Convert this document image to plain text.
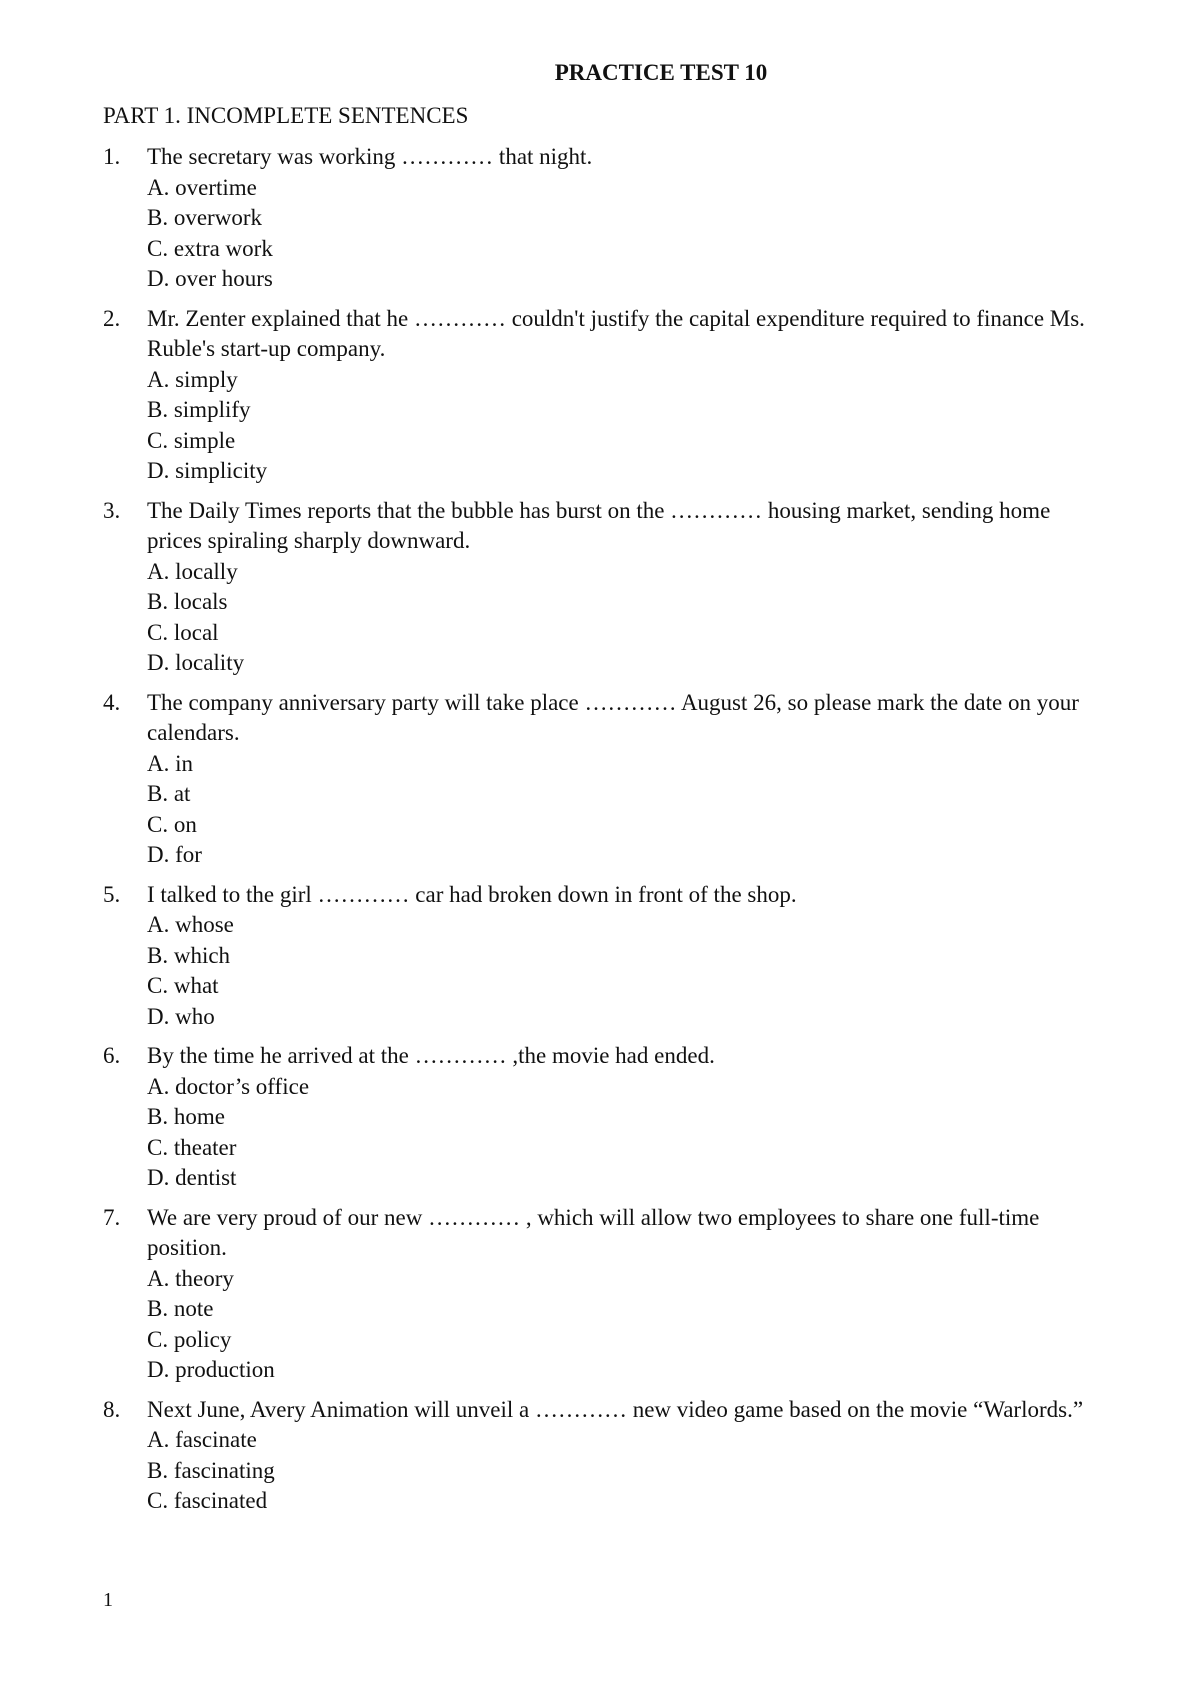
PRACTICE TEST 10
PART 1. INCOMPLETE SENTENCES
1.	The secretary was working ………… that night.
A. overtime
B. overwork
C. extra work
D. over hours
2.	Mr. Zenter explained that he ………… couldn't justify the capital expenditure required to finance Ms. Ruble's start-up company.
A. simply
B. simplify
C. simple
D. simplicity
3.	The Daily Times reports that the bubble has burst on the ………… housing market, sending home prices spiraling sharply downward.
A. locally
B. locals
C. local
D. locality
4.	The company anniversary party will take place ………… August 26, so please mark the date on your calendars.
A. in
B. at
C. on
D. for
5.	I talked to the girl ………… car had broken down in front of the shop.
A. whose
B. which
C. what
D. who
6.	By the time he arrived at the ………… ,the movie had ended.
A. doctor’s office
B. home
C. theater
D. dentist
7.	We are very proud of our new ………… , which will allow two employees to share one full-time position.
A. theory
B. note
C. policy
D. production
8.	Next June, Avery Animation will unveil a ………… new video game based on the movie “Warlords.”
A. fascinate
B. fascinating
C. fascinated
1
